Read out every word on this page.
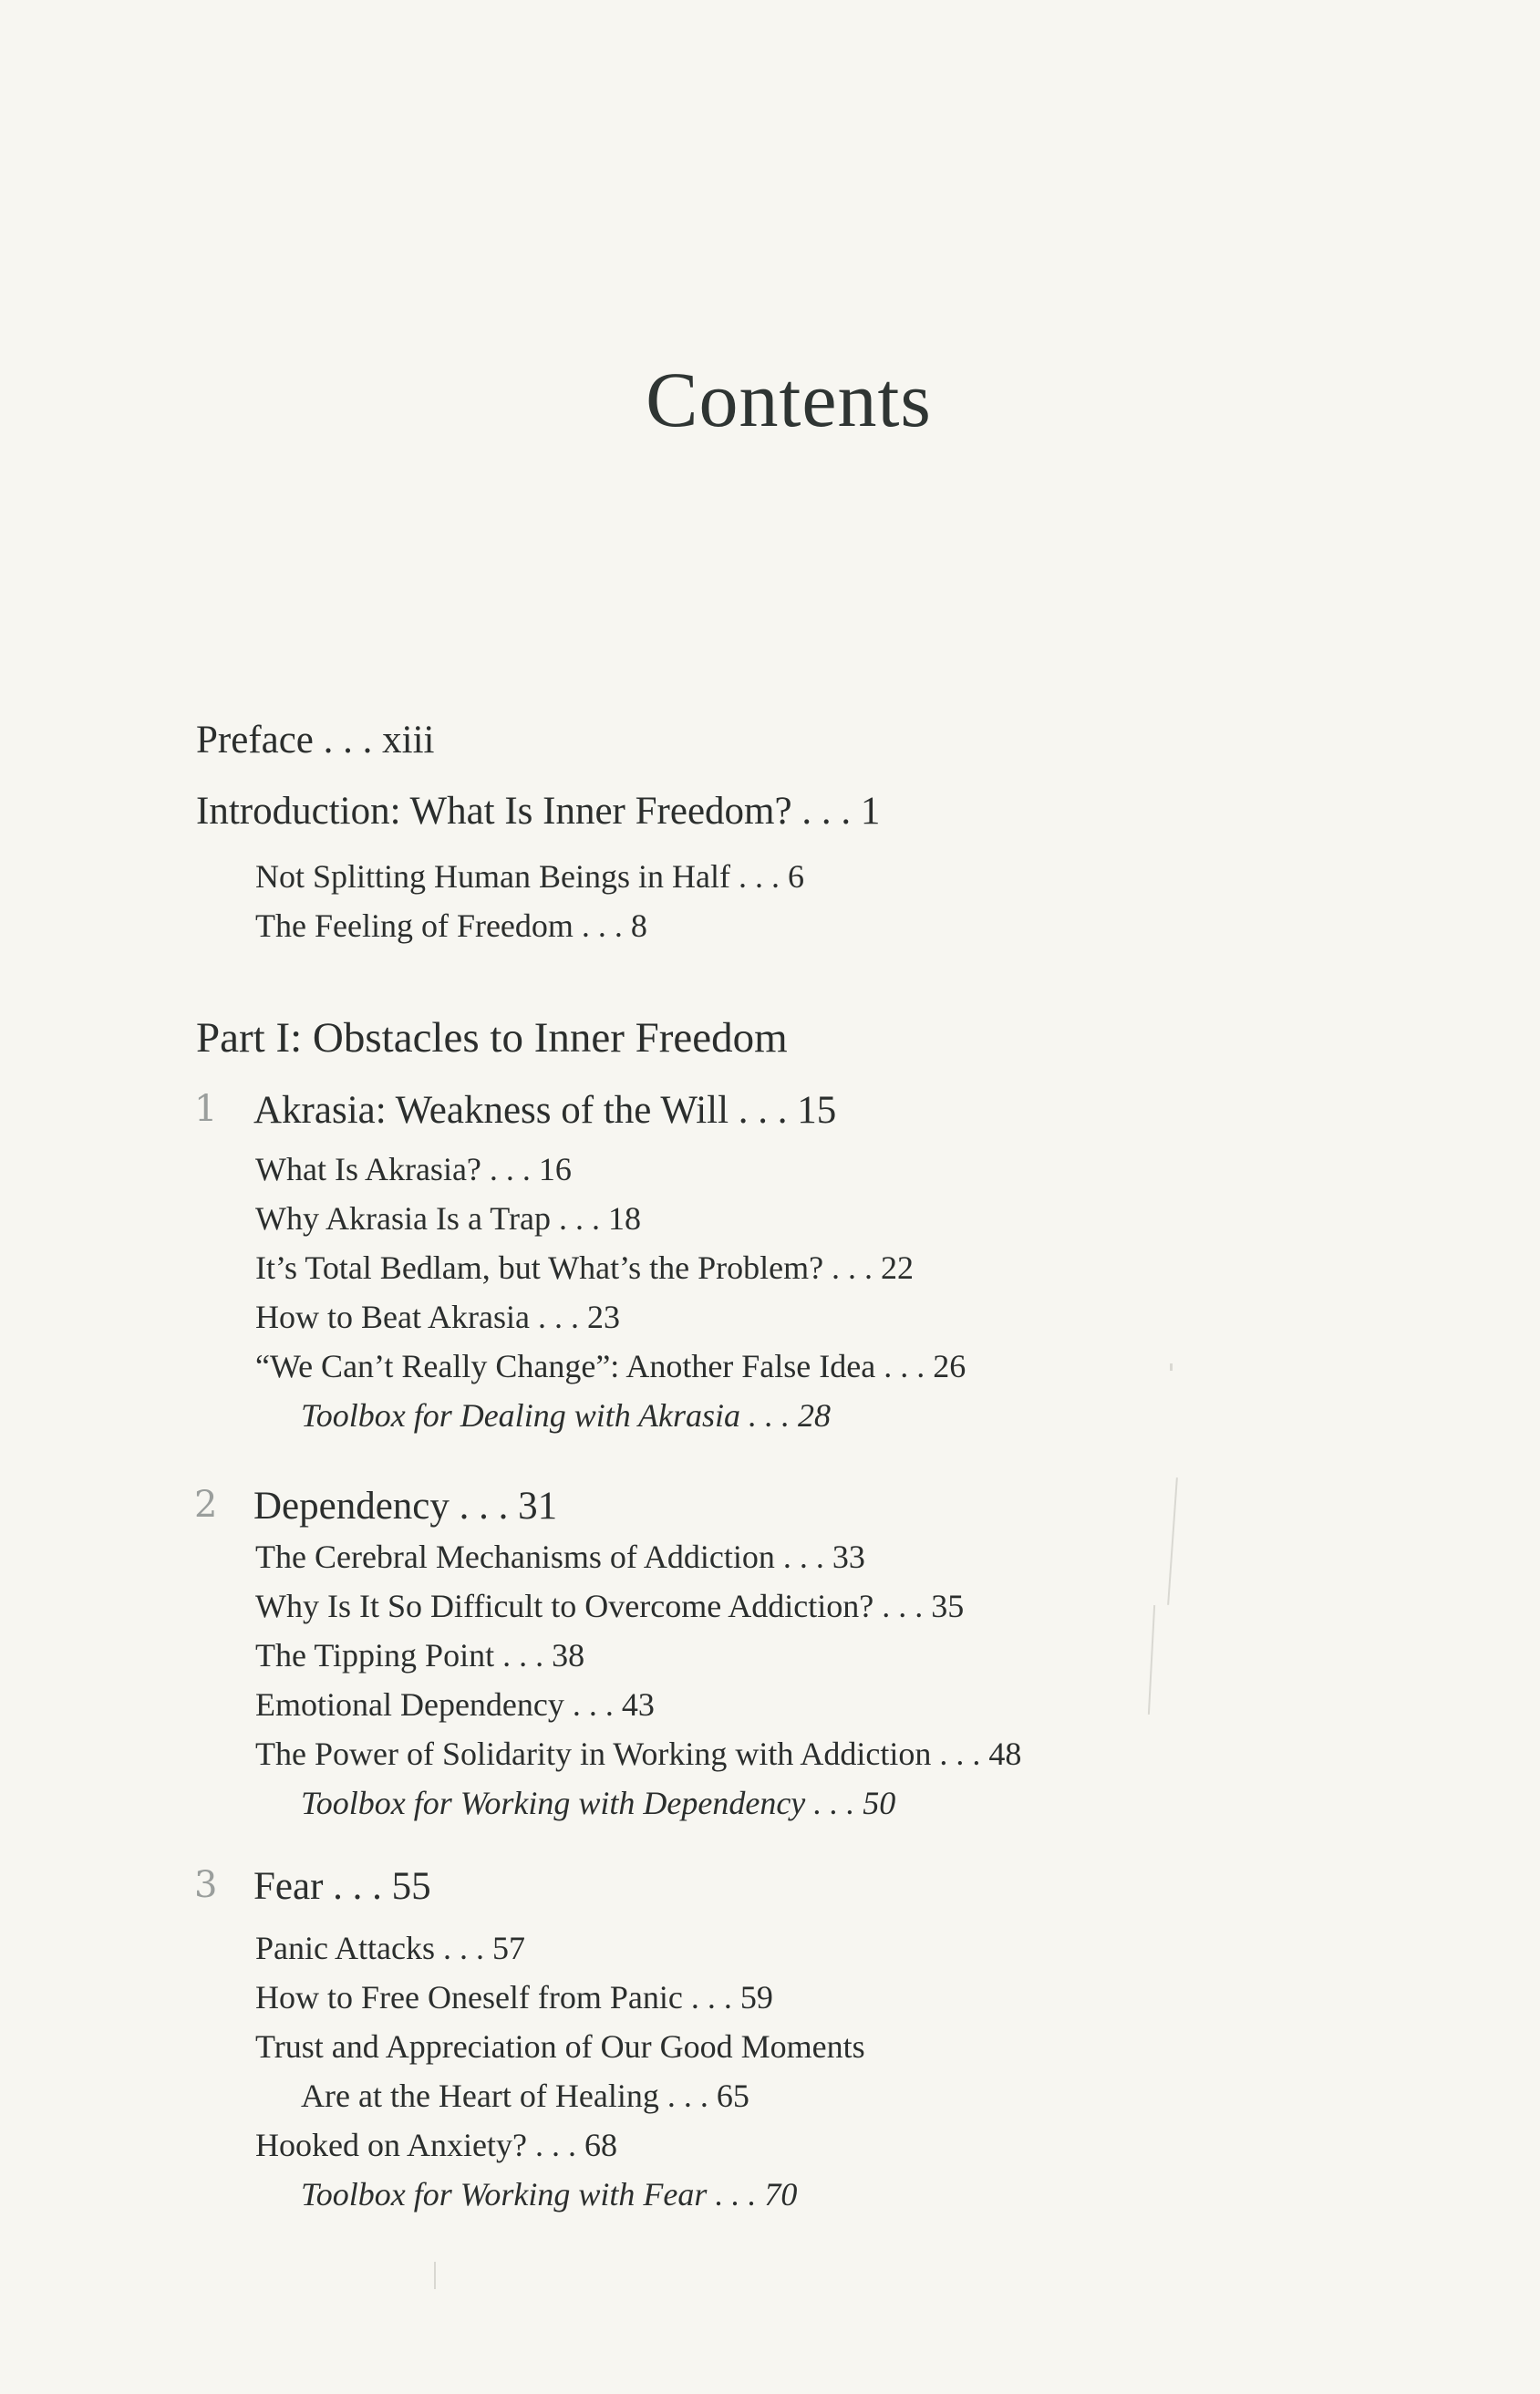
Contents
Preface . . . xiii
Introduction: What Is Inner Freedom? . . . 1
Not Splitting Human Beings in Half . . . 6
The Feeling of Freedom . . . 8
Part I: Obstacles to Inner Freedom
1 Akrasia: Weakness of the Will . . . 15
What Is Akrasia? . . . 16
Why Akrasia Is a Trap . . . 18
It’s Total Bedlam, but What’s the Problem? . . . 22
How to Beat Akrasia . . . 23
“We Can’t Really Change”: Another False Idea . . . 26
Toolbox for Dealing with Akrasia . . . 28
2 Dependency . . . 31
The Cerebral Mechanisms of Addiction . . . 33
Why Is It So Difficult to Overcome Addiction? . . . 35
The Tipping Point . . . 38
Emotional Dependency . . . 43
The Power of Solidarity in Working with Addiction . . . 48
Toolbox for Working with Dependency . . . 50
3 Fear . . . 55
Panic Attacks . . . 57
How to Free Oneself from Panic . . . 59
Trust and Appreciation of Our Good Moments
Are at the Heart of Healing . . . 65
Hooked on Anxiety? . . . 68
Toolbox for Working with Fear . . . 70
